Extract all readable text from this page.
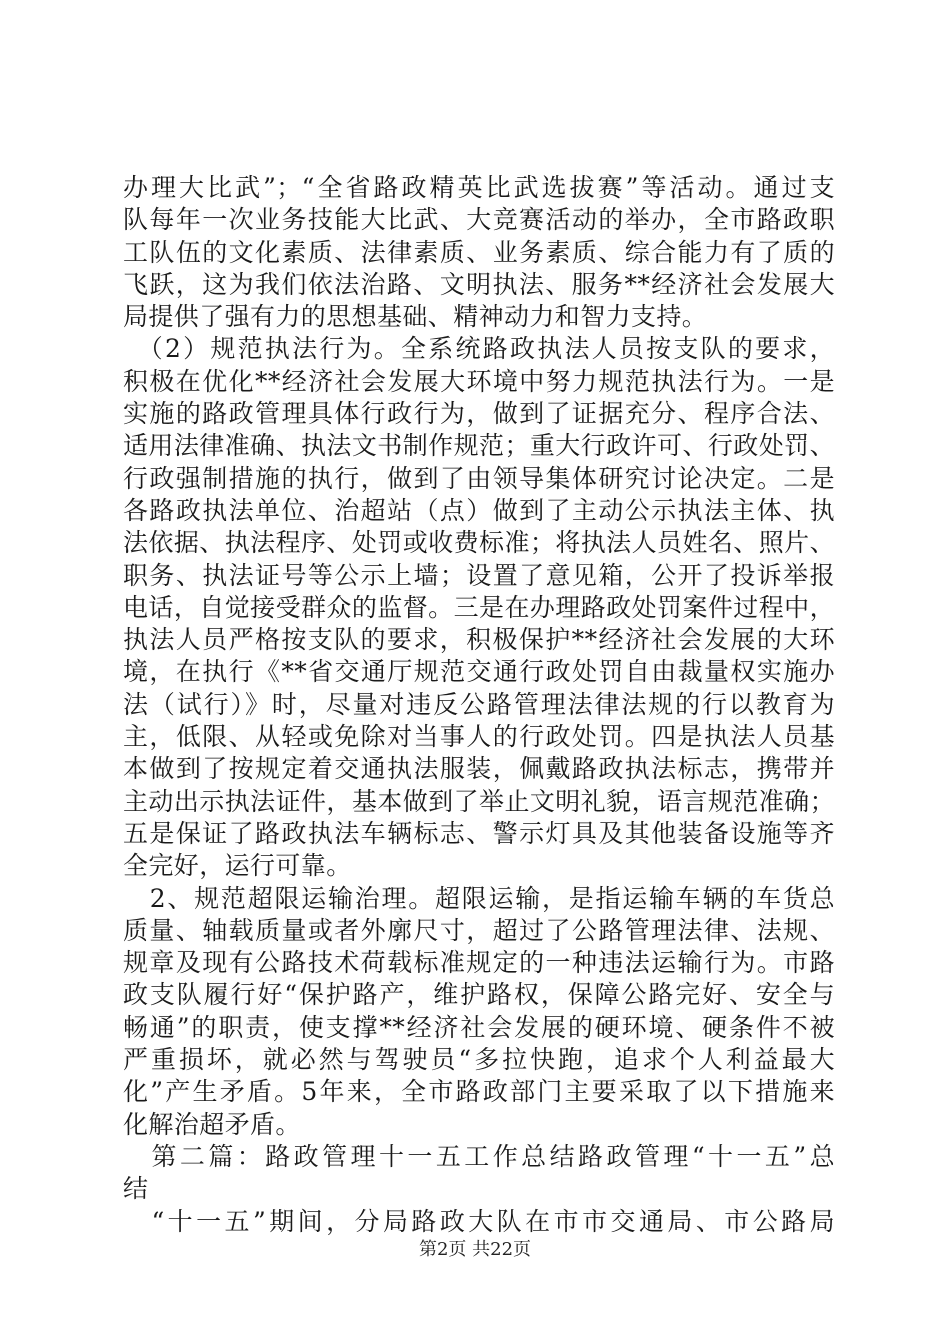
办理大比武”；“全省路政精英比武选拔赛”等活动。通过支
队每年一次业务技能大比武、大竞赛活动的举办，全市路政职
工队伍的文化素质、法律素质、业务素质、综合能力有了质的
飞跃，这为我们依法治路、文明执法、服务**经济社会发展大
局提供了强有力的思想基础、精神动力和智力支持。
　（2）规范执法行为。全系统路政执法人员按支队的要求，
积极在优化**经济社会发展大环境中努力规范执法行为。一是
实施的路政管理具体行政行为，做到了证据充分、程序合法、
适用法律准确、执法文书制作规范；重大行政许可、行政处罚、
行政强制措施的执行，做到了由领导集体研究讨论决定。二是
各路政执法单位、治超站（点）做到了主动公示执法主体、执
法依据、执法程序、处罚或收费标准；将执法人员姓名、照片、
职务、执法证号等公示上墙；设置了意见箱，公开了投诉举报
电话，自觉接受群众的监督。三是在办理路政处罚案件过程中，
执法人员严格按支队的要求，积极保护**经济社会发展的大环
境，在执行《**省交通厅规范交通行政处罚自由裁量权实施办
法（试行）》时，尽量对违反公路管理法律法规的行以教育为
主，低限、从轻或免除对当事人的行政处罚。四是执法人员基
本做到了按规定着交通执法服装，佩戴路政执法标志，携带并
主动出示执法证件，基本做到了举止文明礼貌，语言规范准确；
五是保证了路政执法车辆标志、警示灯具及其他装备设施等齐
全完好，运行可靠。
　2、规范超限运输治理。超限运输，是指运输车辆的车货总
质量、轴载质量或者外廓尺寸，超过了公路管理法律、法规、
规章及现有公路技术荷载标准规定的一种违法运输行为。市路
政支队履行好“保护路产，维护路权，保障公路完好、安全与
畅通”的职责，使支撑**经济社会发展的硬环境、硬条件不被
严重损坏，就必然与驾驶员“多拉快跑，追求个人利益最大
化”产生矛盾。5年来，全市路政部门主要采取了以下措施来
化解治超矛盾。
　第二篇：路政管理十一五工作总结路政管理“十一五”总
结
　“十一五”期间，分局路政大队在市市交通局、市公路局
第2页 共22页
